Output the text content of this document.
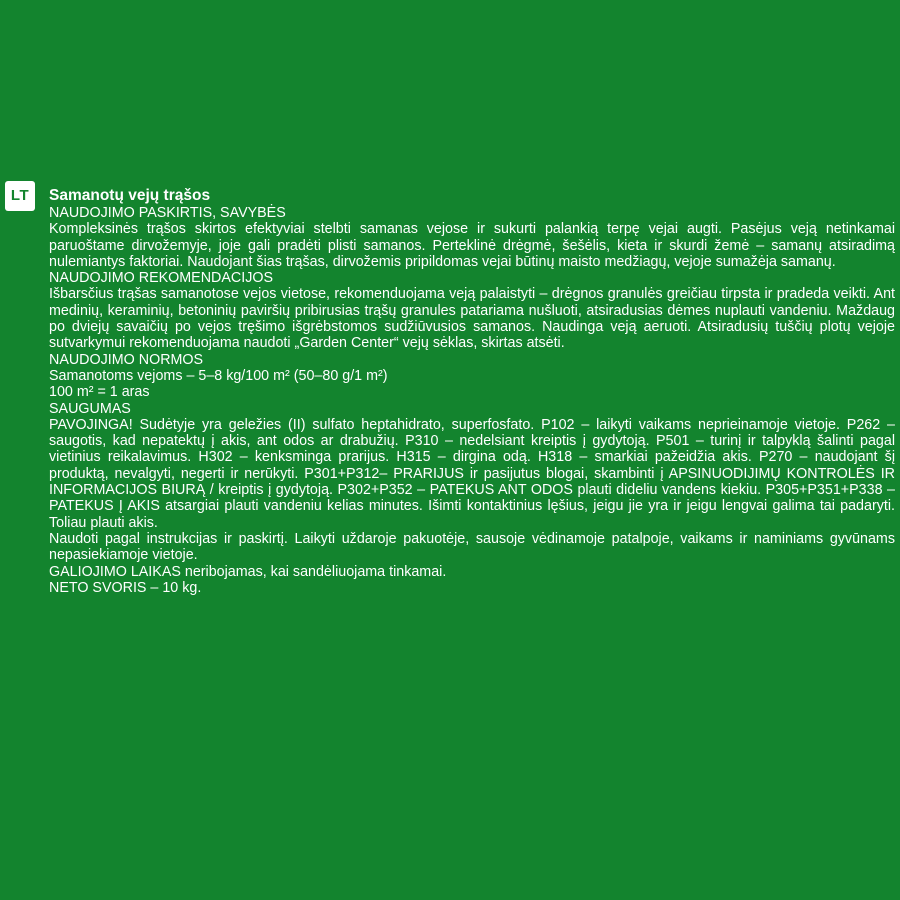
LT	Samanotų vejų trąšos

NAUDOJIMO PASKIRTIS, SAVYBĖS

Kompleksinės trąšos skirtos efektyviai stelbti samanas vejose ir sukurti palankią terpę vejai augti. Pasėjus veją netinkamai paruoštame dirvožemyje, joje gali pradėti plisti samanos. Perteklinė drėgmė, šešėlis, kieta ir skurdi žemė – samanų atsiradimą nulemiantys faktoriai. Naudojant šias trąšas, dirvožemis pripildomas vejai būtinų maisto medžiagų, vejoje sumažėja samanų.

NAUDOJIMO REKOMENDACIJOS

Išbarsčius trąšas samanotose vejos vietose, rekomenduojama veją palaistyti – drėgnos granulės greičiau tirpsta ir pradeda veikti. Ant medinių, keraminių, betoninių paviršių pribirusias trąšų granules patariama nušluoti, atsiradusias dėmes nuplauti vandeniu. Maždaug po dviejų savaičių po vejos tręšimo išgrėbstomos sudžiūvusios samanos. Naudinga veją aeruoti. Atsiradusių tuščių plotų vejoje sutvarkymui rekomenduojama naudoti „Garden Center“ vejų sėklas, skirtas atsėti.

NAUDOJIMO NORMOS

Samanotoms vejoms – 5–8 kg/100 m² (50–80 g/1 m²)

100 m² = 1 aras

SAUGUMAS

PAVOJINGA! Sudėtyje yra geležies (II) sulfato heptahidrato, superfosfato. P102 – laikyti vaikams neprieinamoje vietoje. P262 – saugotis, kad nepatektų į akis, ant odos ar drabužių. P310 – nedelsiant kreiptis į gydytoją. P501 – turinį ir talpyklą šalinti pagal vietinius reikalavimus. H302 – kenksminga prarijus. H315 – dirgina odą. H318 – smarkiai pažeidžia akis. P270 – naudojant šį produktą, nevalgyti, negerti ir nerūkyti. P301+P312– PRARIJUS ir pasijutus blogai, skambinti į APSINUODIJIMŲ KONTROLĖS IR INFORMACIJOS BIURĄ / kreiptis į gydytoją. P302+P352 – PATEKUS ANT ODOS plauti dideliu vandens kiekiu. P305+P351+P338 – PATEKUS Į AKIS atsargiai plauti vandeniu kelias minutes. Išimti kontaktinius lęšius, jeigu jie yra ir jeigu lengvai galima tai padaryti. Toliau plauti akis.

Naudoti pagal instrukcijas ir paskirtį. Laikyti uždaroje pakuotėje, sausoje vėdinamoje patalpoje, vaikams ir naminiams gyvūnams nepasiekiamoje vietoje.

GALIOJIMO LAIKAS neribojamas, kai sandėliuojama tinkamai.

NETO SVORIS – 10 kg.
